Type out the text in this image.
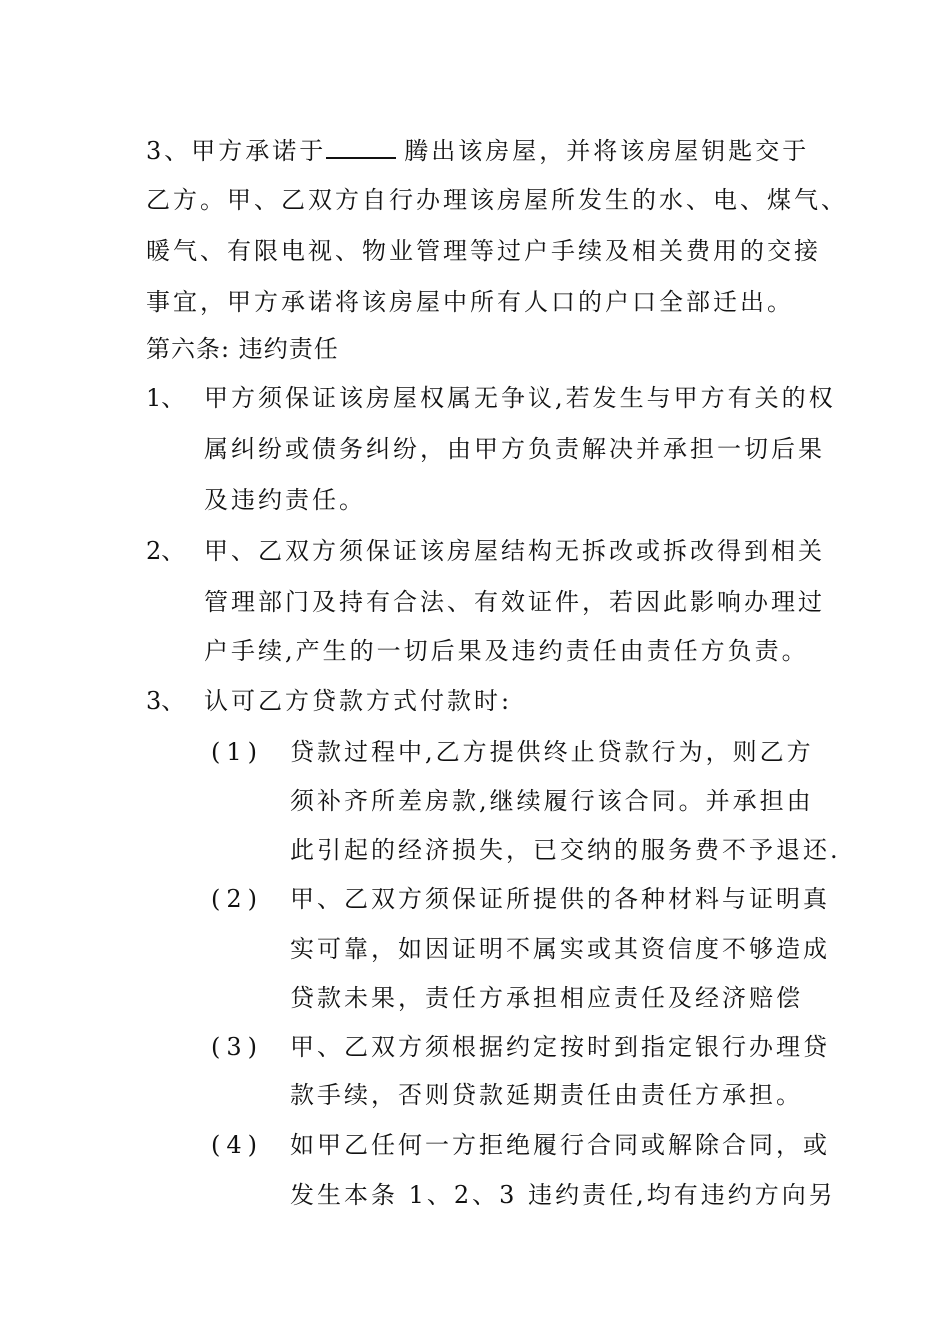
3、甲方承诺于	腾出该房屋，并将该房屋钥匙交于
乙方。甲、乙双方自行办理该房屋所发生的水、电、煤气、
暖气、有限电视、物业管理等过户手续及相关费用的交接
事宜，甲方承诺将该房屋中所有人口的户口全部迁出。
第六条: 违约责任
1、 甲方须保证该房屋权属无争议,若发生与甲方有关的权
属纠纷或债务纠纷，由甲方负责解决并承担一切后果
及违约责任。
2、 甲、乙双方须保证该房屋结构无拆改或拆改得到相关
管理部门及持有合法、有效证件，若因此影响办理过
户手续,产生的一切后果及违约责任由责任方负责。
3、 认可乙方贷款方式付款时:
(1) 贷款过程中,乙方提供终止贷款行为，则乙方
须补齐所差房款,继续履行该合同。并承担由
此引起的经济损失，已交纳的服务费不予退还.
(2) 甲、乙双方须保证所提供的各种材料与证明真
实可靠，如因证明不属实或其资信度不够造成
贷款未果，责任方承担相应责任及经济赔偿
(3) 甲、乙双方须根据约定按时到指定银行办理贷
款手续，否则贷款延期责任由责任方承担。
(4) 如甲乙任何一方拒绝履行合同或解除合同，或
发生本条 1、2、3 违约责任,均有违约方向另
